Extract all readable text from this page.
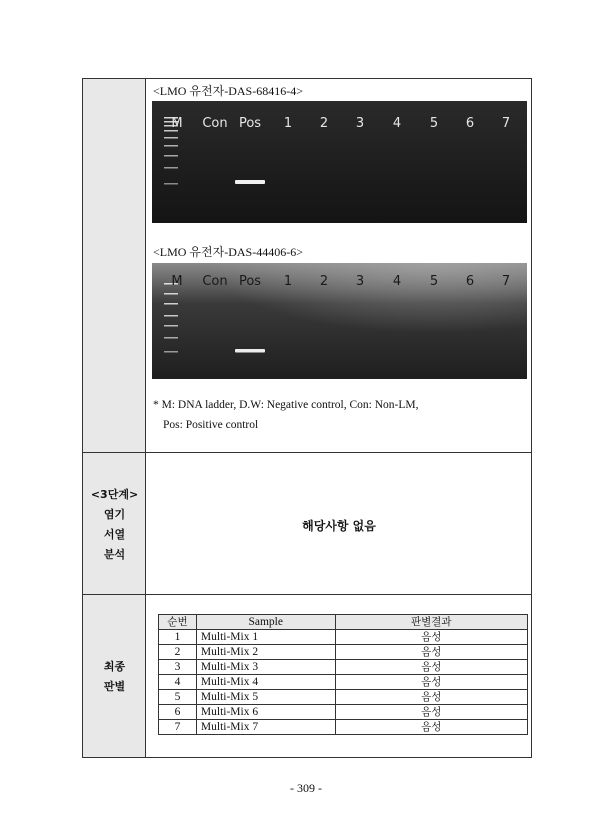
<LMO 유전자-DAS-68416-4>
M Con Pos 1 2 3 4 5 6 7
<LMO 유전자-DAS-44406-6>
M Con Pos 1 2 3 4 5 6 7
* M: DNA ladder, D.W: Negative control, Con: Non-LM,
Pos: Positive control
<3단계>
염기
서열
분석
해당사항 없음
최종
판별
순번	Sample	판별결과
1	Multi-Mix 1	음성
2	Multi-Mix 2	음성
3	Multi-Mix 3	음성
4	Multi-Mix 4	음성
5	Multi-Mix 5	음성
6	Multi-Mix 6	음성
7	Multi-Mix 7	음성
- 309 -
